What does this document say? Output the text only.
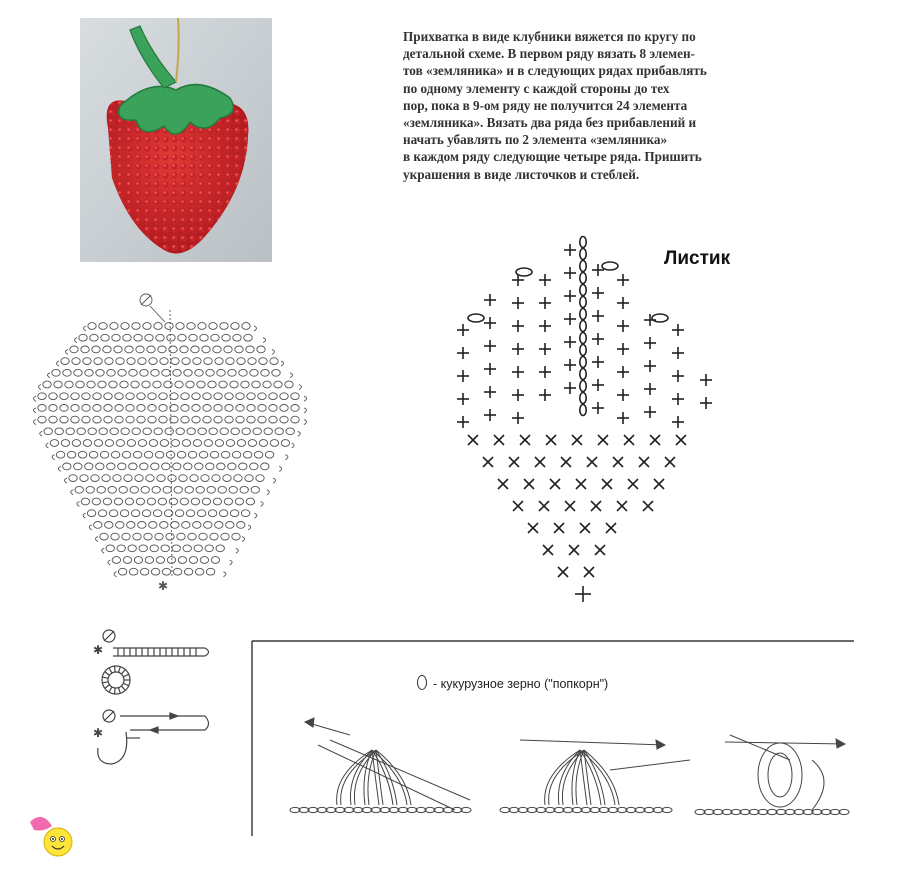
Прихватка в виде клубники вяжется по кругу по
детальной схеме. В первом ряду вязать 8 элемен-
тов «земляника» и в следующих рядах прибавлять
по одному элементу с каждой стороны до тех
пор, пока в 9-ом ряду не получится 24 элемента
«земляника». Вязать два ряда без прибавлений и
начать убавлять по 2 элемента «земляника»
в каждом ряду следующие четыре ряда. Пришить
украшения в виде листочков и стеблей.
Листик
✱
✱
✱
- кукурузное зерно ("попкорн")
